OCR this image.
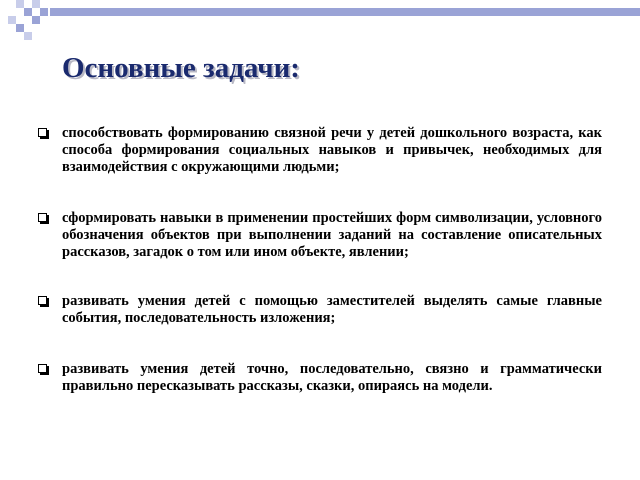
Основные задачи:
способствовать формированию связной речи у детей дошкольного возраста, как способа формирования социальных навыков и привычек, необходимых для взаимодействия с окружающими людьми;
сформировать навыки в применении простейших форм символизации, условного обозначения объектов при выполнении заданий на составление описательных рассказов, загадок о том или ином объекте, явлении;
развивать умения детей с помощью заместителей выделять самые главные события, последовательность изложения;
развивать умения детей точно, последовательно, связно и грамматически правильно пересказывать рассказы, сказки, опираясь на модели.
